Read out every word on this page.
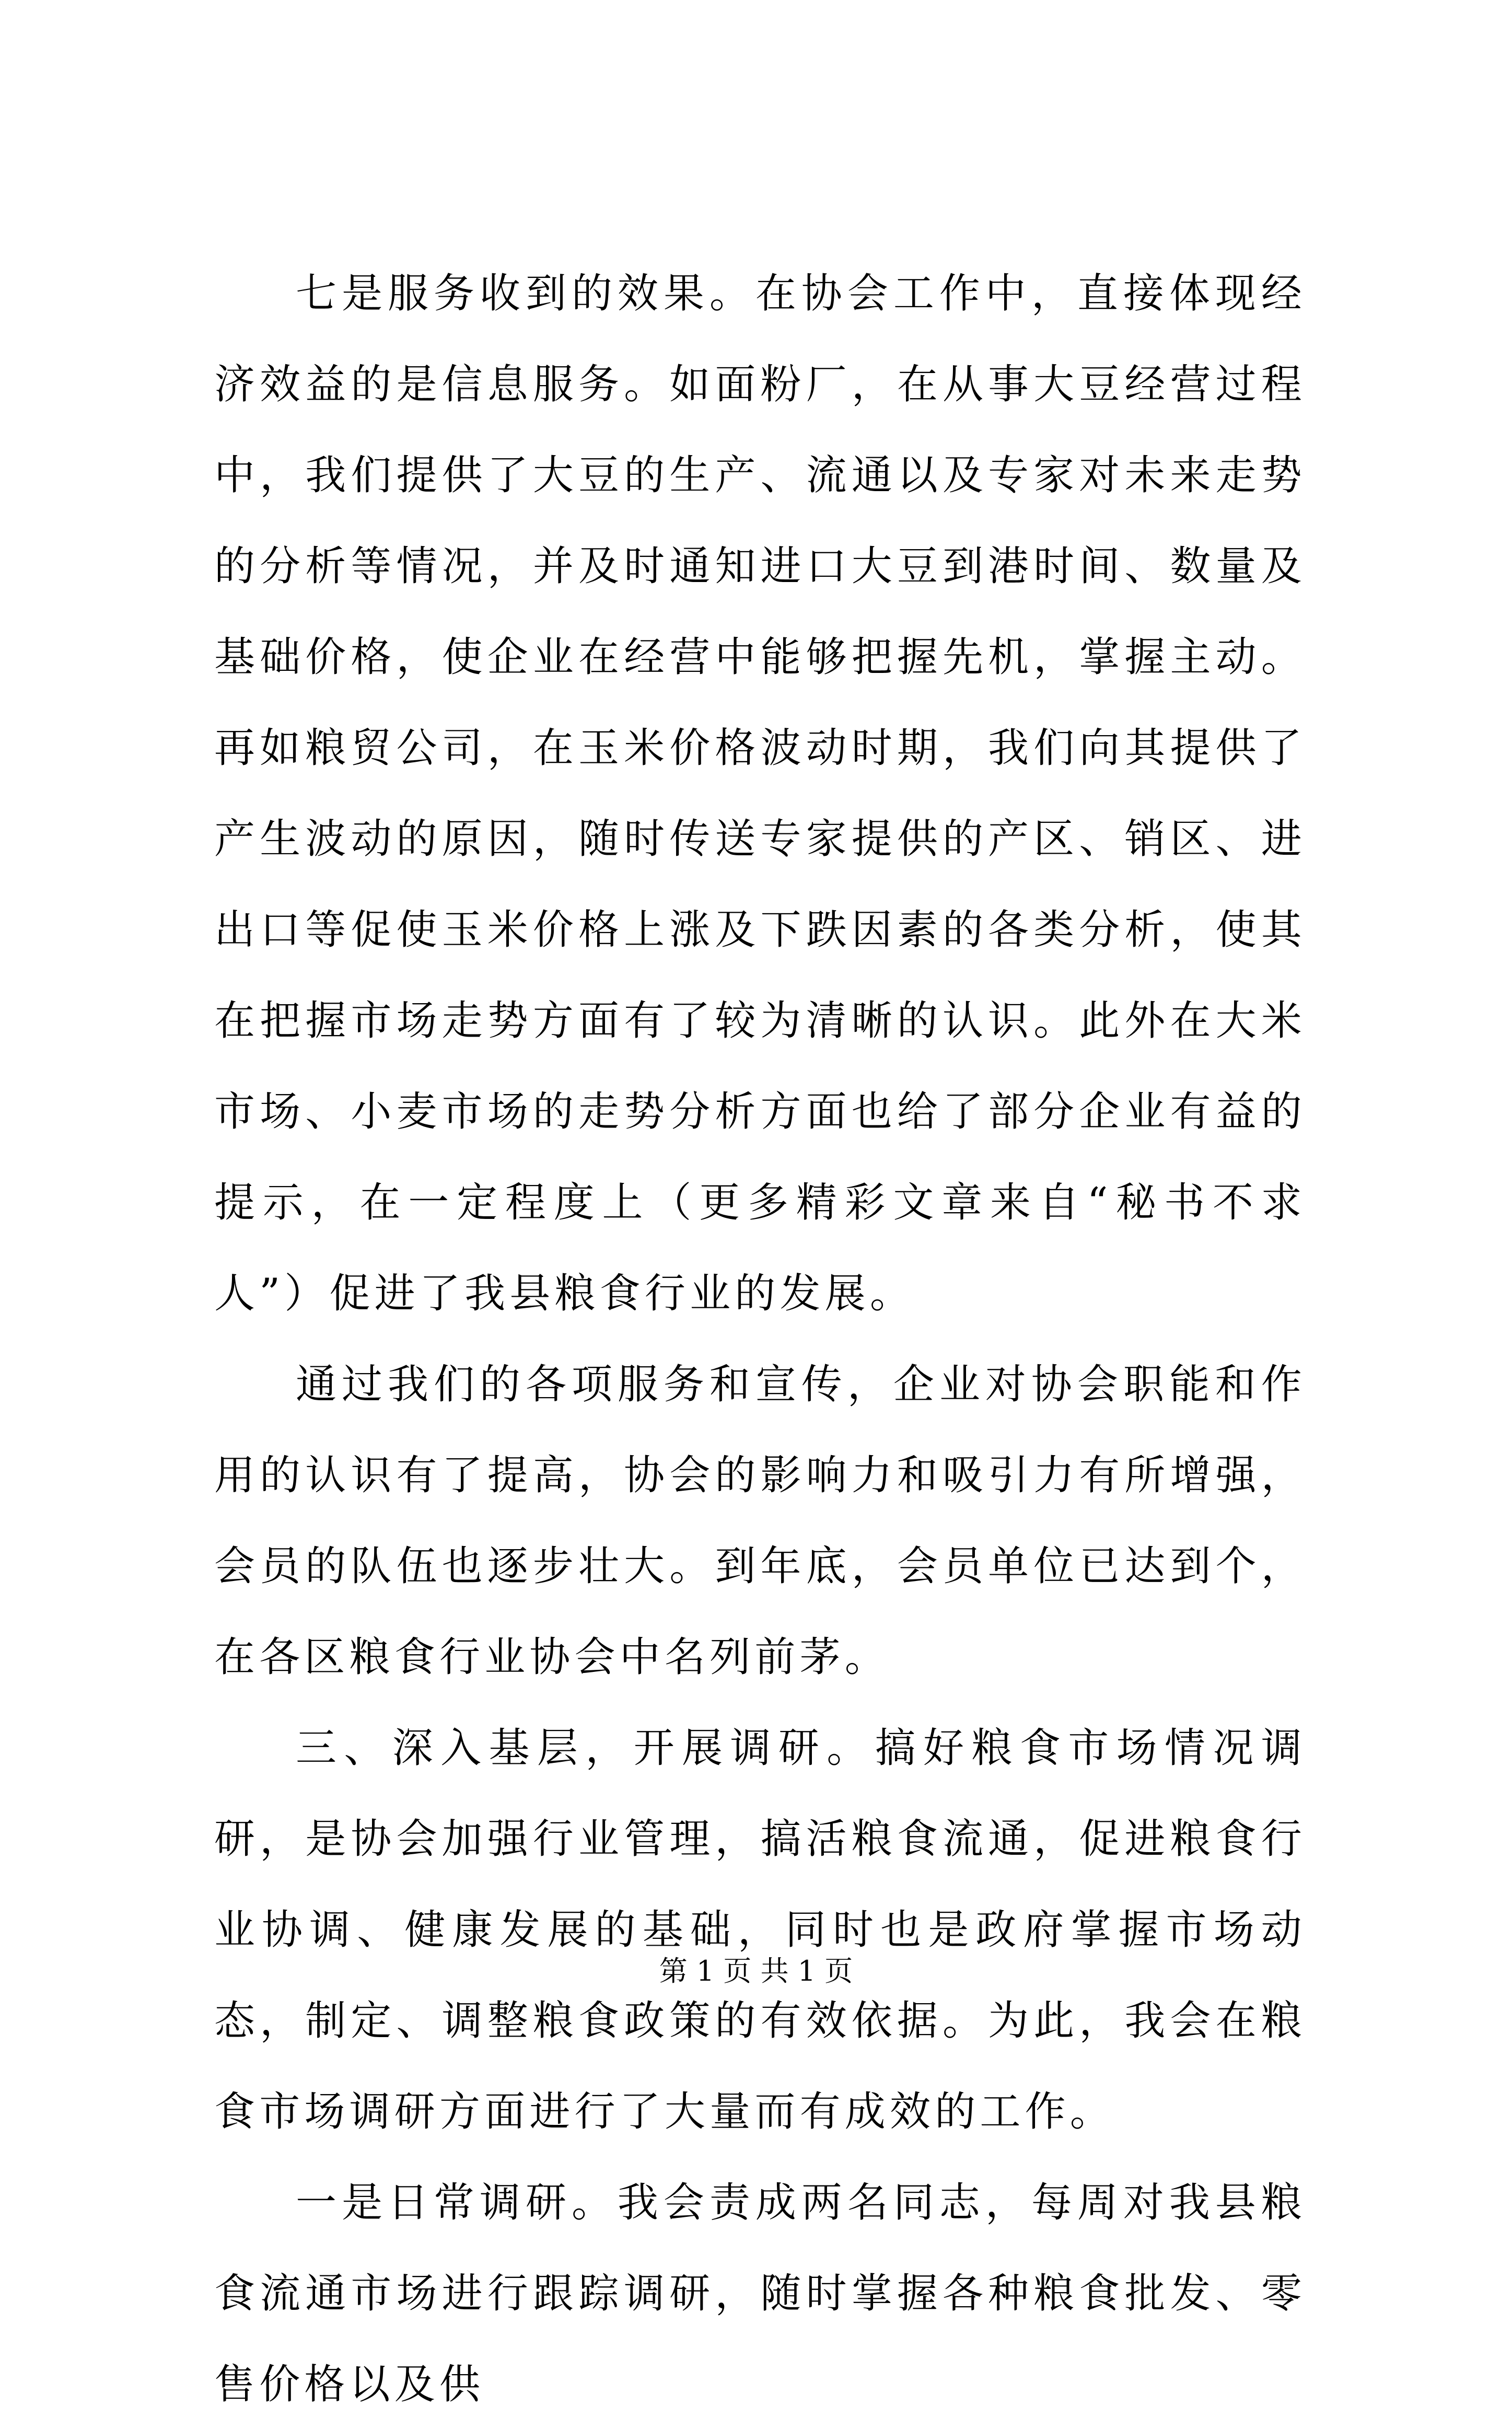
七是服务收到的效果。在协会工作中，直接体现经济效益的是信息服务。如面粉厂，在从事大豆经营过程中，我们提供了大豆的生产、流通以及专家对未来走势的分析等情况，并及时通知进口大豆到港时间、数量及基础价格，使企业在经营中能够把握先机，掌握主动。再如粮贸公司，在玉米价格波动时期，我们向其提供了产生波动的原因，随时传送专家提供的产区、销区、进出口等促使玉米价格上涨及下跌因素的各类分析，使其在把握市场走势方面有了较为清晰的认识。此外在大米市场、小麦市场的走势分析方面也给了部分企业有益的提示，在一定程度上（更多精彩文章来自“秘书不求人”）促进了我县粮食行业的发展。

通过我们的各项服务和宣传，企业对协会职能和作用的认识有了提高，协会的影响力和吸引力有所增强，会员的队伍也逐步壮大。到年底，会员单位已达到个，在各区粮食行业协会中名列前茅。

三、深入基层，开展调研。搞好粮食市场情况调研，是协会加强行业管理，搞活粮食流通，促进粮食行业协调、健康发展的基础，同时也是政府掌握市场动态，制定、调整粮食政策的有效依据。为此，我会在粮食市场调研方面进行了大量而有成效的工作。

一是日常调研。我会责成两名同志，每周对我县粮食流通市场进行跟踪调研，随时掌握各种粮食批发、零售价格以及供

第 1 页 共 1 页
